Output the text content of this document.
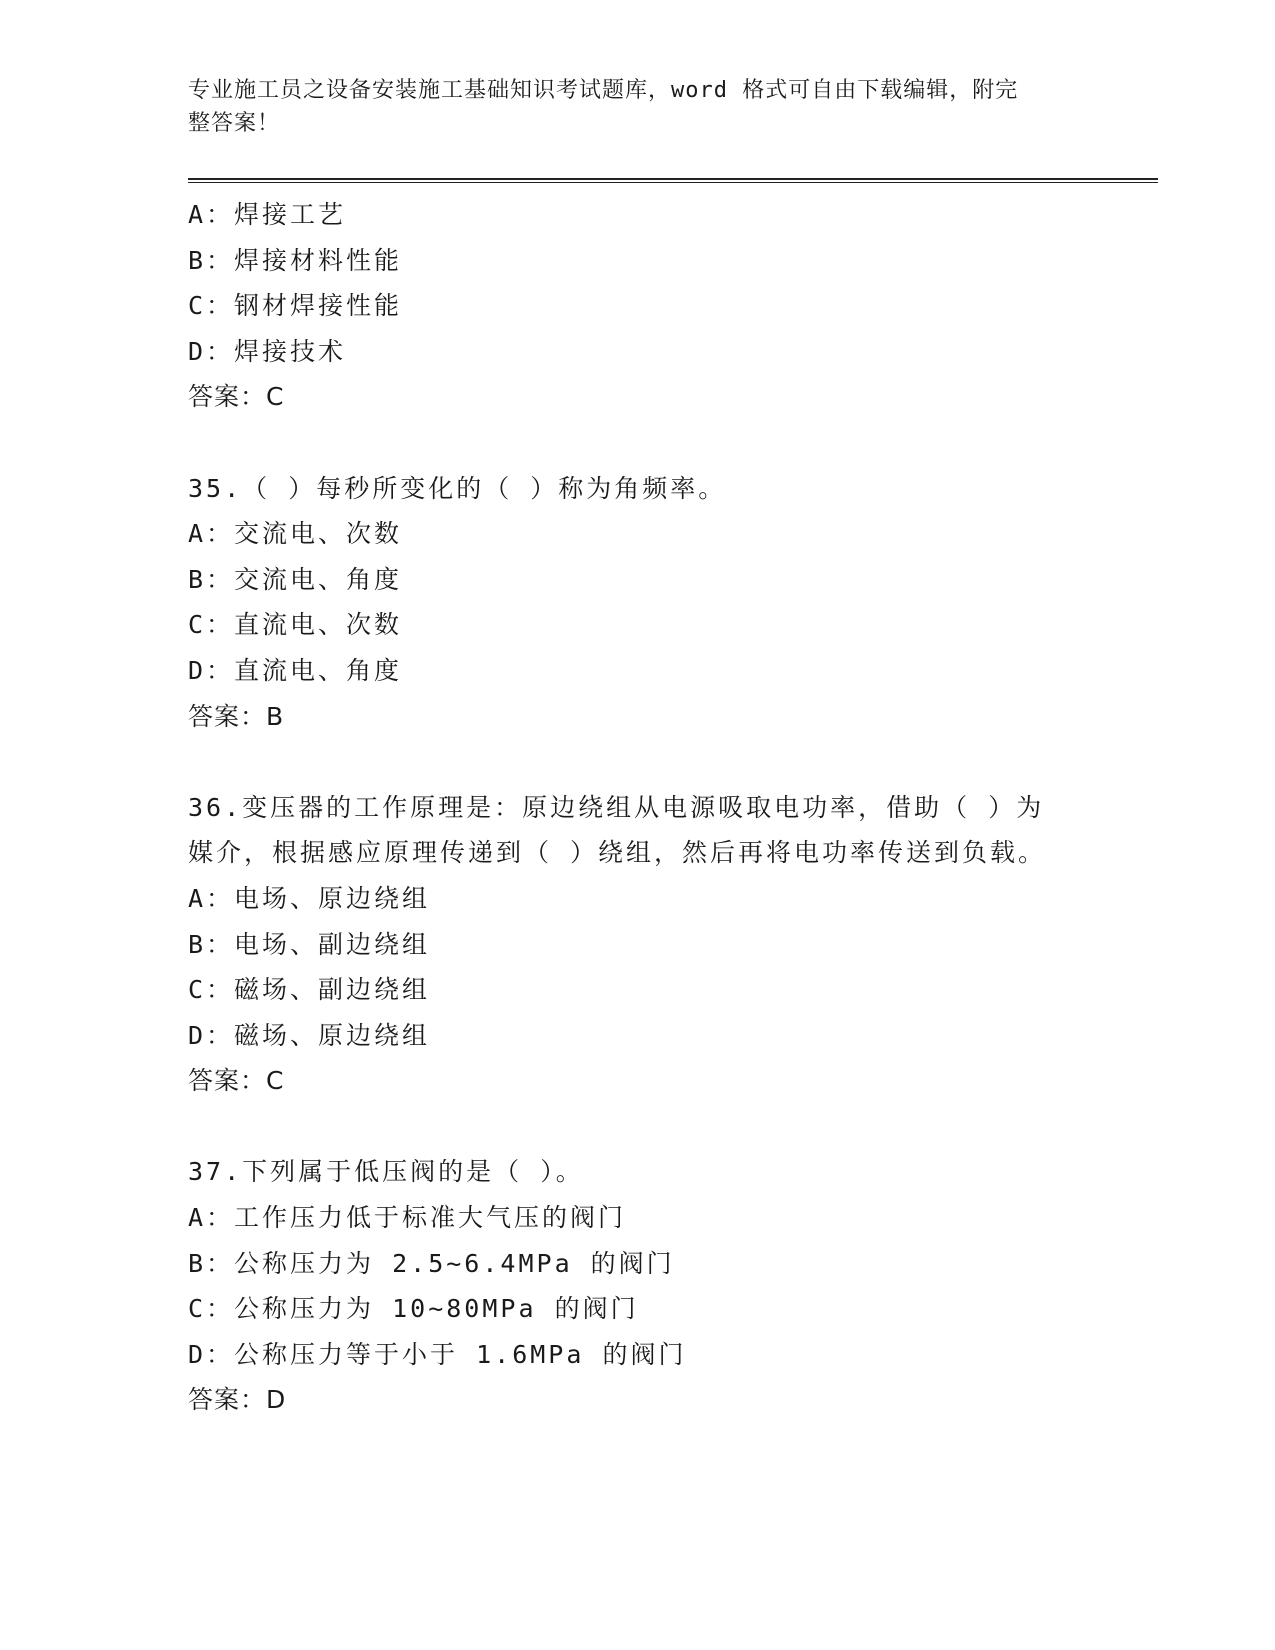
专业施工员之设备安装施工基础知识考试题库，word 格式可自由下载编辑，附完
整答案！
A：焊接工艺
B：焊接材料性能
C：钢材焊接性能
D：焊接技术
答案：C
35.（ ）每秒所变化的（ ）称为角频率。
A：交流电、次数
B：交流电、角度
C：直流电、次数
D：直流电、角度
答案：B
36.变压器的工作原理是：原边绕组从电源吸取电功率，借助（ ）为
媒介，根据感应原理传递到（ ）绕组，然后再将电功率传送到负载。
A：电场、原边绕组
B：电场、副边绕组
C：磁场、副边绕组
D：磁场、原边绕组
答案：C
37.下列属于低压阀的是（ ）。
A：工作压力低于标准大气压的阀门
B：公称压力为 2.5~6.4MPa 的阀门
C：公称压力为 10~80MPa 的阀门
D：公称压力等于小于 1.6MPa 的阀门
答案：D
